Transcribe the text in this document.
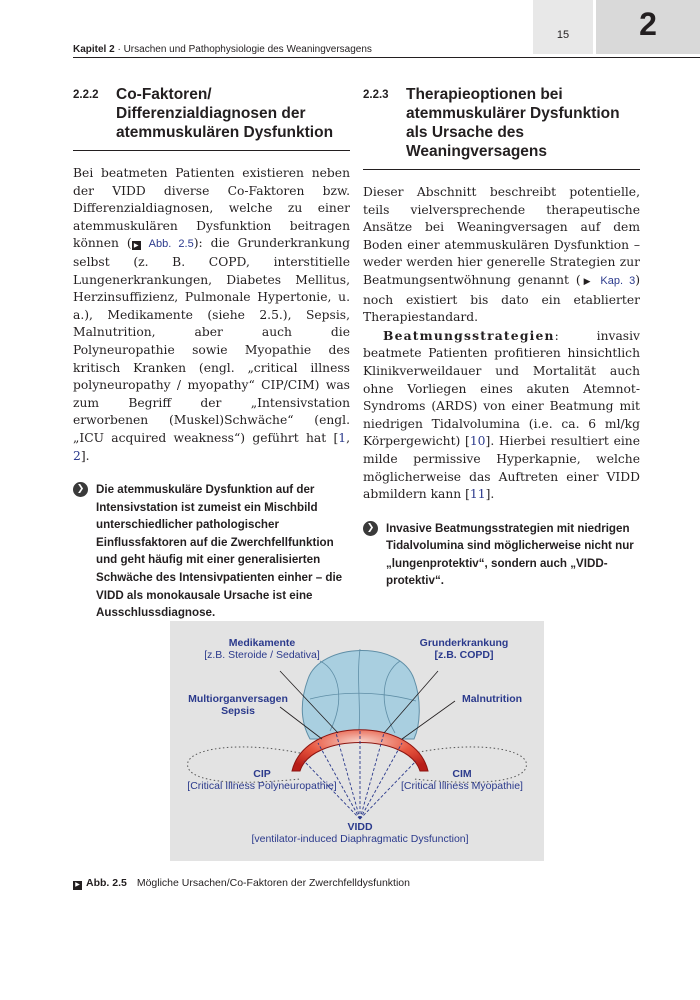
15	2
Kapitel 2 · Ursachen und Pathophysiologie des Weaningversagens
2.2.2	Co-Faktoren/ Differenzialdiagnosen der atemmuskulären Dysfunktion

Bei beatmeten Patienten existieren neben der VIDD diverse Co-Faktoren bzw. Differenzialdiagnosen, welche zu einer atemmuskulären Dysfunktion beitragen können ( ▶ Abb. 2.5): die Grunderkrankung selbst (z. B. COPD, interstitielle Lungenerkrankungen, Diabetes Mellitus, Herzinsuffizienz, Pulmonale Hypertonie, u. a.), Medikamente (siehe 2.5.), Sepsis, Malnutrition, aber auch die Polyneuropathie sowie Myopathie des kritisch Kranken (engl. „critical illness polyneuropathy / myopathy“ CIP/CIM) was zum Begriff der „Intensivstation erworbenen (Muskel)Schwäche“ (engl. „ICU acquired weakness“) geführt hat [1, 2].

❯	Die atemmuskuläre Dysfunktion auf der Intensivstation ist zumeist ein Mischbild unterschiedlicher pathologischer Einflussfaktoren auf die Zwerchfellfunktion und geht häufig mit einer generalisierten Schwäche des Intensivpatienten einher – die VIDD als monokausale Ursache ist eine Ausschlussdiagnose.
2.2.3	Therapieoptionen bei atemmuskulärer Dysfunktion als Ursache des Weaningversagens

Dieser Abschnitt beschreibt potentielle, teils vielversprechende therapeutische Ansätze bei Weaningversagen auf dem Boden einer atemmuskulären Dysfunktion – weder werden hier generelle Strategien zur Beatmungsentwöhnung genannt (▶ Kap. 3) noch existiert bis dato ein etablierter Therapiestandard.

Beatmungsstrategien: invasiv beatmete Patienten profitieren hinsichtlich Klinikverweildauer und Mortalität auch ohne Vorliegen eines akuten Atemnot-Syndroms (ARDS) von einer Beatmung mit niedrigen Tidalvolumina (i.e. ca. 6 ml/kg Körpergewicht) [10]. Hierbei resultiert eine milde permissive Hyperkapnie, welche möglicherweise das Auftreten einer VIDD abmildern kann [11].

❯	Invasive Beatmungsstrategien mit niedrigen Tidalvolumina sind möglicherweise nicht nur „lungenprotektiv“, sondern auch „VIDD-protektiv“.
Medikamente
[z.B. Steroide / Sedativa]
Grunderkrankung
[z.B. COPD]
Multiorganversagen
Sepsis
Malnutrition
CIP
[Critical Illness Polyneuropathie]
CIM
[Critical Illness Myopathie]
VIDD
[ventilator-induced Diaphragmatic Dysfunction]
▶ Abb. 2.5 Mögliche Ursachen/Co-Faktoren der Zwerchfelldysfunktion
